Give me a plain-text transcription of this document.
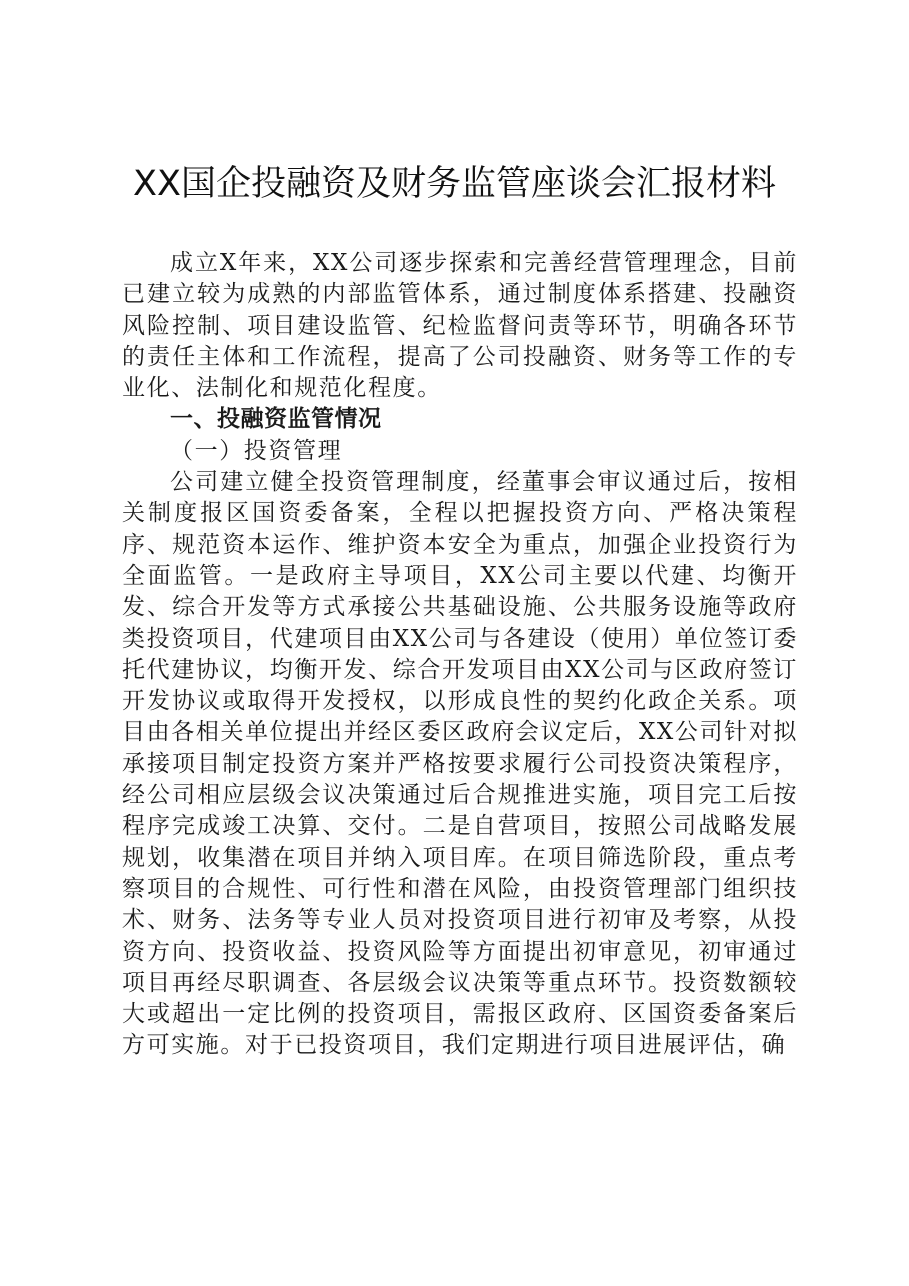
XX国企投融资及财务监管座谈会汇报材料

成立X年来，XX公司逐步探索和完善经营管理理念，目前已建立较为成熟的内部监管体系，通过制度体系搭建、投融资风险控制、项目建设监管、纪检监督问责等环节，明确各环节的责任主体和工作流程，提高了公司投融资、财务等工作的专业化、法制化和规范化程度。

一、投融资监管情况

（一）投资管理

公司建立健全投资管理制度，经董事会审议通过后，按相关制度报区国资委备案，全程以把握投资方向、严格决策程序、规范资本运作、维护资本安全为重点，加强企业投资行为全面监管。一是政府主导项目，XX公司主要以代建、均衡开发、综合开发等方式承接公共基础设施、公共服务设施等政府类投资项目，代建项目由XX公司与各建设（使用）单位签订委托代建协议，均衡开发、综合开发项目由XX公司与区政府签订开发协议或取得开发授权，以形成良性的契约化政企关系。项目由各相关单位提出并经区委区政府会议定后，XX公司针对拟承接项目制定投资方案并严格按要求履行公司投资决策程序，经公司相应层级会议决策通过后合规推进实施，项目完工后按程序完成竣工决算、交付。二是自营项目，按照公司战略发展规划，收集潜在项目并纳入项目库。在项目筛选阶段，重点考察项目的合规性、可行性和潜在风险，由投资管理部门组织技术、财务、法务等专业人员对投资项目进行初审及考察，从投资方向、投资收益、投资风险等方面提出初审意见，初审通过项目再经尽职调查、各层级会议决策等重点环节。投资数额较大或超出一定比例的投资项目，需报区政府、区国资委备案后方可实施。对于已投资项目，我们定期进行项目进展评估，确
